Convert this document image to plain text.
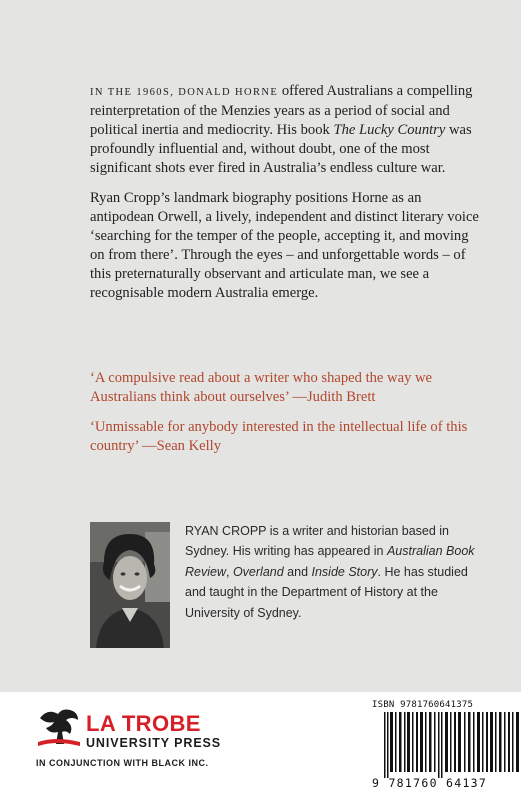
IN THE 1960S, DONALD HORNE offered Australians a compelling reinterpretation of the Menzies years as a period of social and political inertia and mediocrity. His book The Lucky Country was profoundly influential and, without doubt, one of the most significant shots ever fired in Australia’s endless culture war.

Ryan Cropp’s landmark biography positions Horne as an antipodean Orwell, a lively, independent and distinct literary voice ‘searching for the temper of the people, accepting it, and moving on from there’. Through the eyes – and unforgettable words – of this preternaturally observant and articulate man, we see a recognisable modern Australia emerge.

‘A compulsive read about a writer who shaped the way we Australians think about ourselves’ —Judith Brett

‘Unmissable for anybody interested in the intellectual life of this country’ —Sean Kelly

RYAN CROPP is a writer and historian based in Sydney. His writing has appeared in Australian Book Review, Overland and Inside Story. He has studied and taught in the Department of History at the University of Sydney.

LA TROBE
UNIVERSITY PRESS
IN CONJUNCTION WITH BLACK INC.
ISBN 9781760641375
9 781760 64137
